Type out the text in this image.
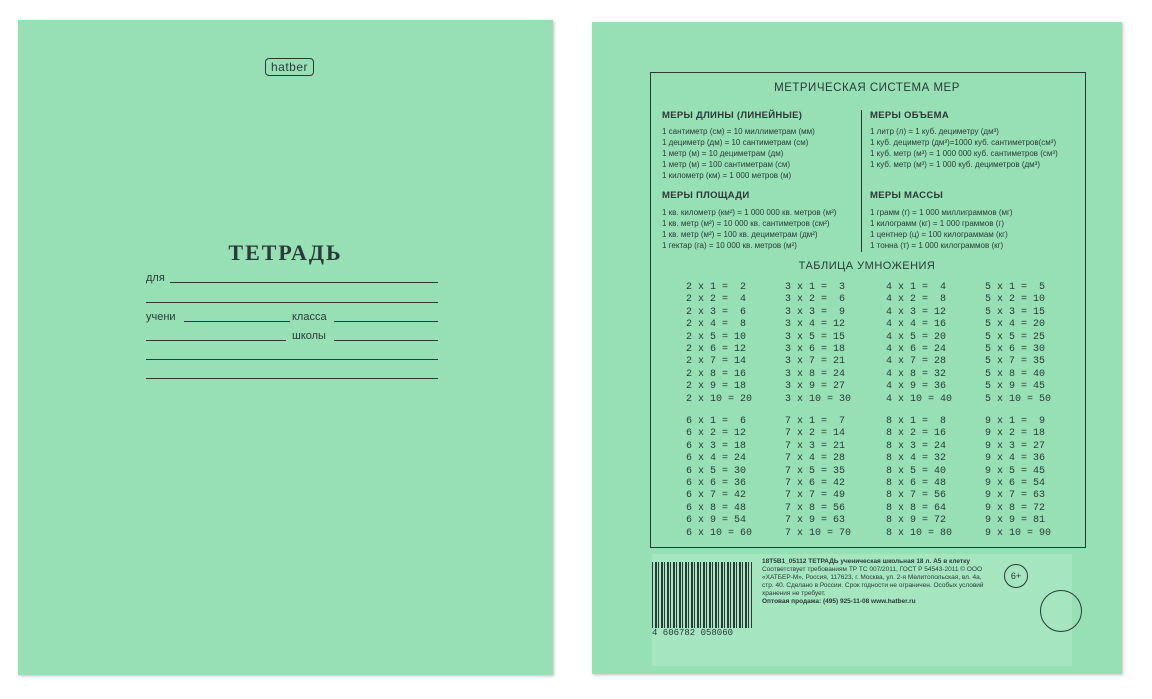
hatber
ТЕТРАДЬ
для
учени	класса
школы
МЕТРИЧЕСКАЯ СИСТЕМА МЕР
МЕРЫ ДЛИНЫ (ЛИНЕЙНЫЕ)
1 сантиметр (см) = 10 миллиметрам (мм)
1 дециметр (дм) = 10 сантиметрам (см)
1 метр (м) = 10 дециметрам (дм)
1 метр (м) = 100 сантиметрам (см)
1 километр (км) = 1 000 метров (м)
МЕРЫ ОБЪЕМА
1 литр (л) = 1 куб. дециметру (дм³)
1 куб. дециметр (дм³)=1000 куб. сантиметров(см³)
1 куб. метр (м³) = 1 000 000 куб. сантиметров (см³)
1 куб. метр (м³) = 1 000 куб. дециметров (дм³)
МЕРЫ ПЛОЩАДИ
1 кв. километр (км²) = 1 000 000 кв. метров (м²)
1 кв. метр (м²) = 10 000 кв. сантиметров (см²)
1 кв. метр (м²) = 100 кв. дециметрам (дм²)
1 гектар (га) = 10 000 кв. метров (м²)
МЕРЫ МАССЫ
1 грамм (г) = 1 000 миллиграммов (мг)
1 килограмм (кг) = 1 000 граммов (г)
1 центнер (ц) = 100 килограммам (кг)
1 тонна (т) = 1 000 килограммов (кг)
ТАБЛИЦА УМНОЖЕНИЯ
2 x 1 =  2
2 x 2 =  4
2 x 3 =  6
2 x 4 =  8
2 x 5 = 10
2 x 6 = 12
2 x 7 = 14
2 x 8 = 16
2 x 9 = 18
2 x 10 = 20
3 x 1 =  3
3 x 2 =  6
3 x 3 =  9
3 x 4 = 12
3 x 5 = 15
3 x 6 = 18
3 x 7 = 21
3 x 8 = 24
3 x 9 = 27
3 x 10 = 30
4 x 1 =  4
4 x 2 =  8
4 x 3 = 12
4 x 4 = 16
4 x 5 = 20
4 x 6 = 24
4 x 7 = 28
4 x 8 = 32
4 x 9 = 36
4 x 10 = 40
5 x 1 =  5
5 x 2 = 10
5 x 3 = 15
5 x 4 = 20
5 x 5 = 25
5 x 6 = 30
5 x 7 = 35
5 x 8 = 40
5 x 9 = 45
5 x 10 = 50
6 x 1 =  6
6 x 2 = 12
6 x 3 = 18
6 x 4 = 24
6 x 5 = 30
6 x 6 = 36
6 x 7 = 42
6 x 8 = 48
6 x 9 = 54
6 x 10 = 60
7 x 1 =  7
7 x 2 = 14
7 x 3 = 21
7 x 4 = 28
7 x 5 = 35
7 x 6 = 42
7 x 7 = 49
7 x 8 = 56
7 x 9 = 63
7 x 10 = 70
8 x 1 =  8
8 x 2 = 16
8 x 3 = 24
8 x 4 = 32
8 x 5 = 40
8 x 6 = 48
8 x 7 = 56
8 x 8 = 64
8 x 9 = 72
8 x 10 = 80
9 x 1 =  9
9 x 2 = 18
9 x 3 = 27
9 x 4 = 36
9 x 5 = 45
9 x 6 = 54
9 x 7 = 63
9 x 8 = 72
9 x 9 = 81
9 x 10 = 90
4 606782 058060
18Т5В1_05112 ТЕТРАДЬ ученическая школьная 18 л. А5 в клетку
Соответствует требованиям ТР ТС 007/2011, ГОСТ Р 54543-2011 © ООО
«ХАТБЕР-М», Россия, 117623, г. Москва, ул. 2-я Мелитопольская, вл. 4а,
стр. 40. Сделано в России. Срок годности не ограничен. Особых условий
хранения не требует.
Оптовая продажа: (495) 925-11-08 www.hatber.ru
6+
